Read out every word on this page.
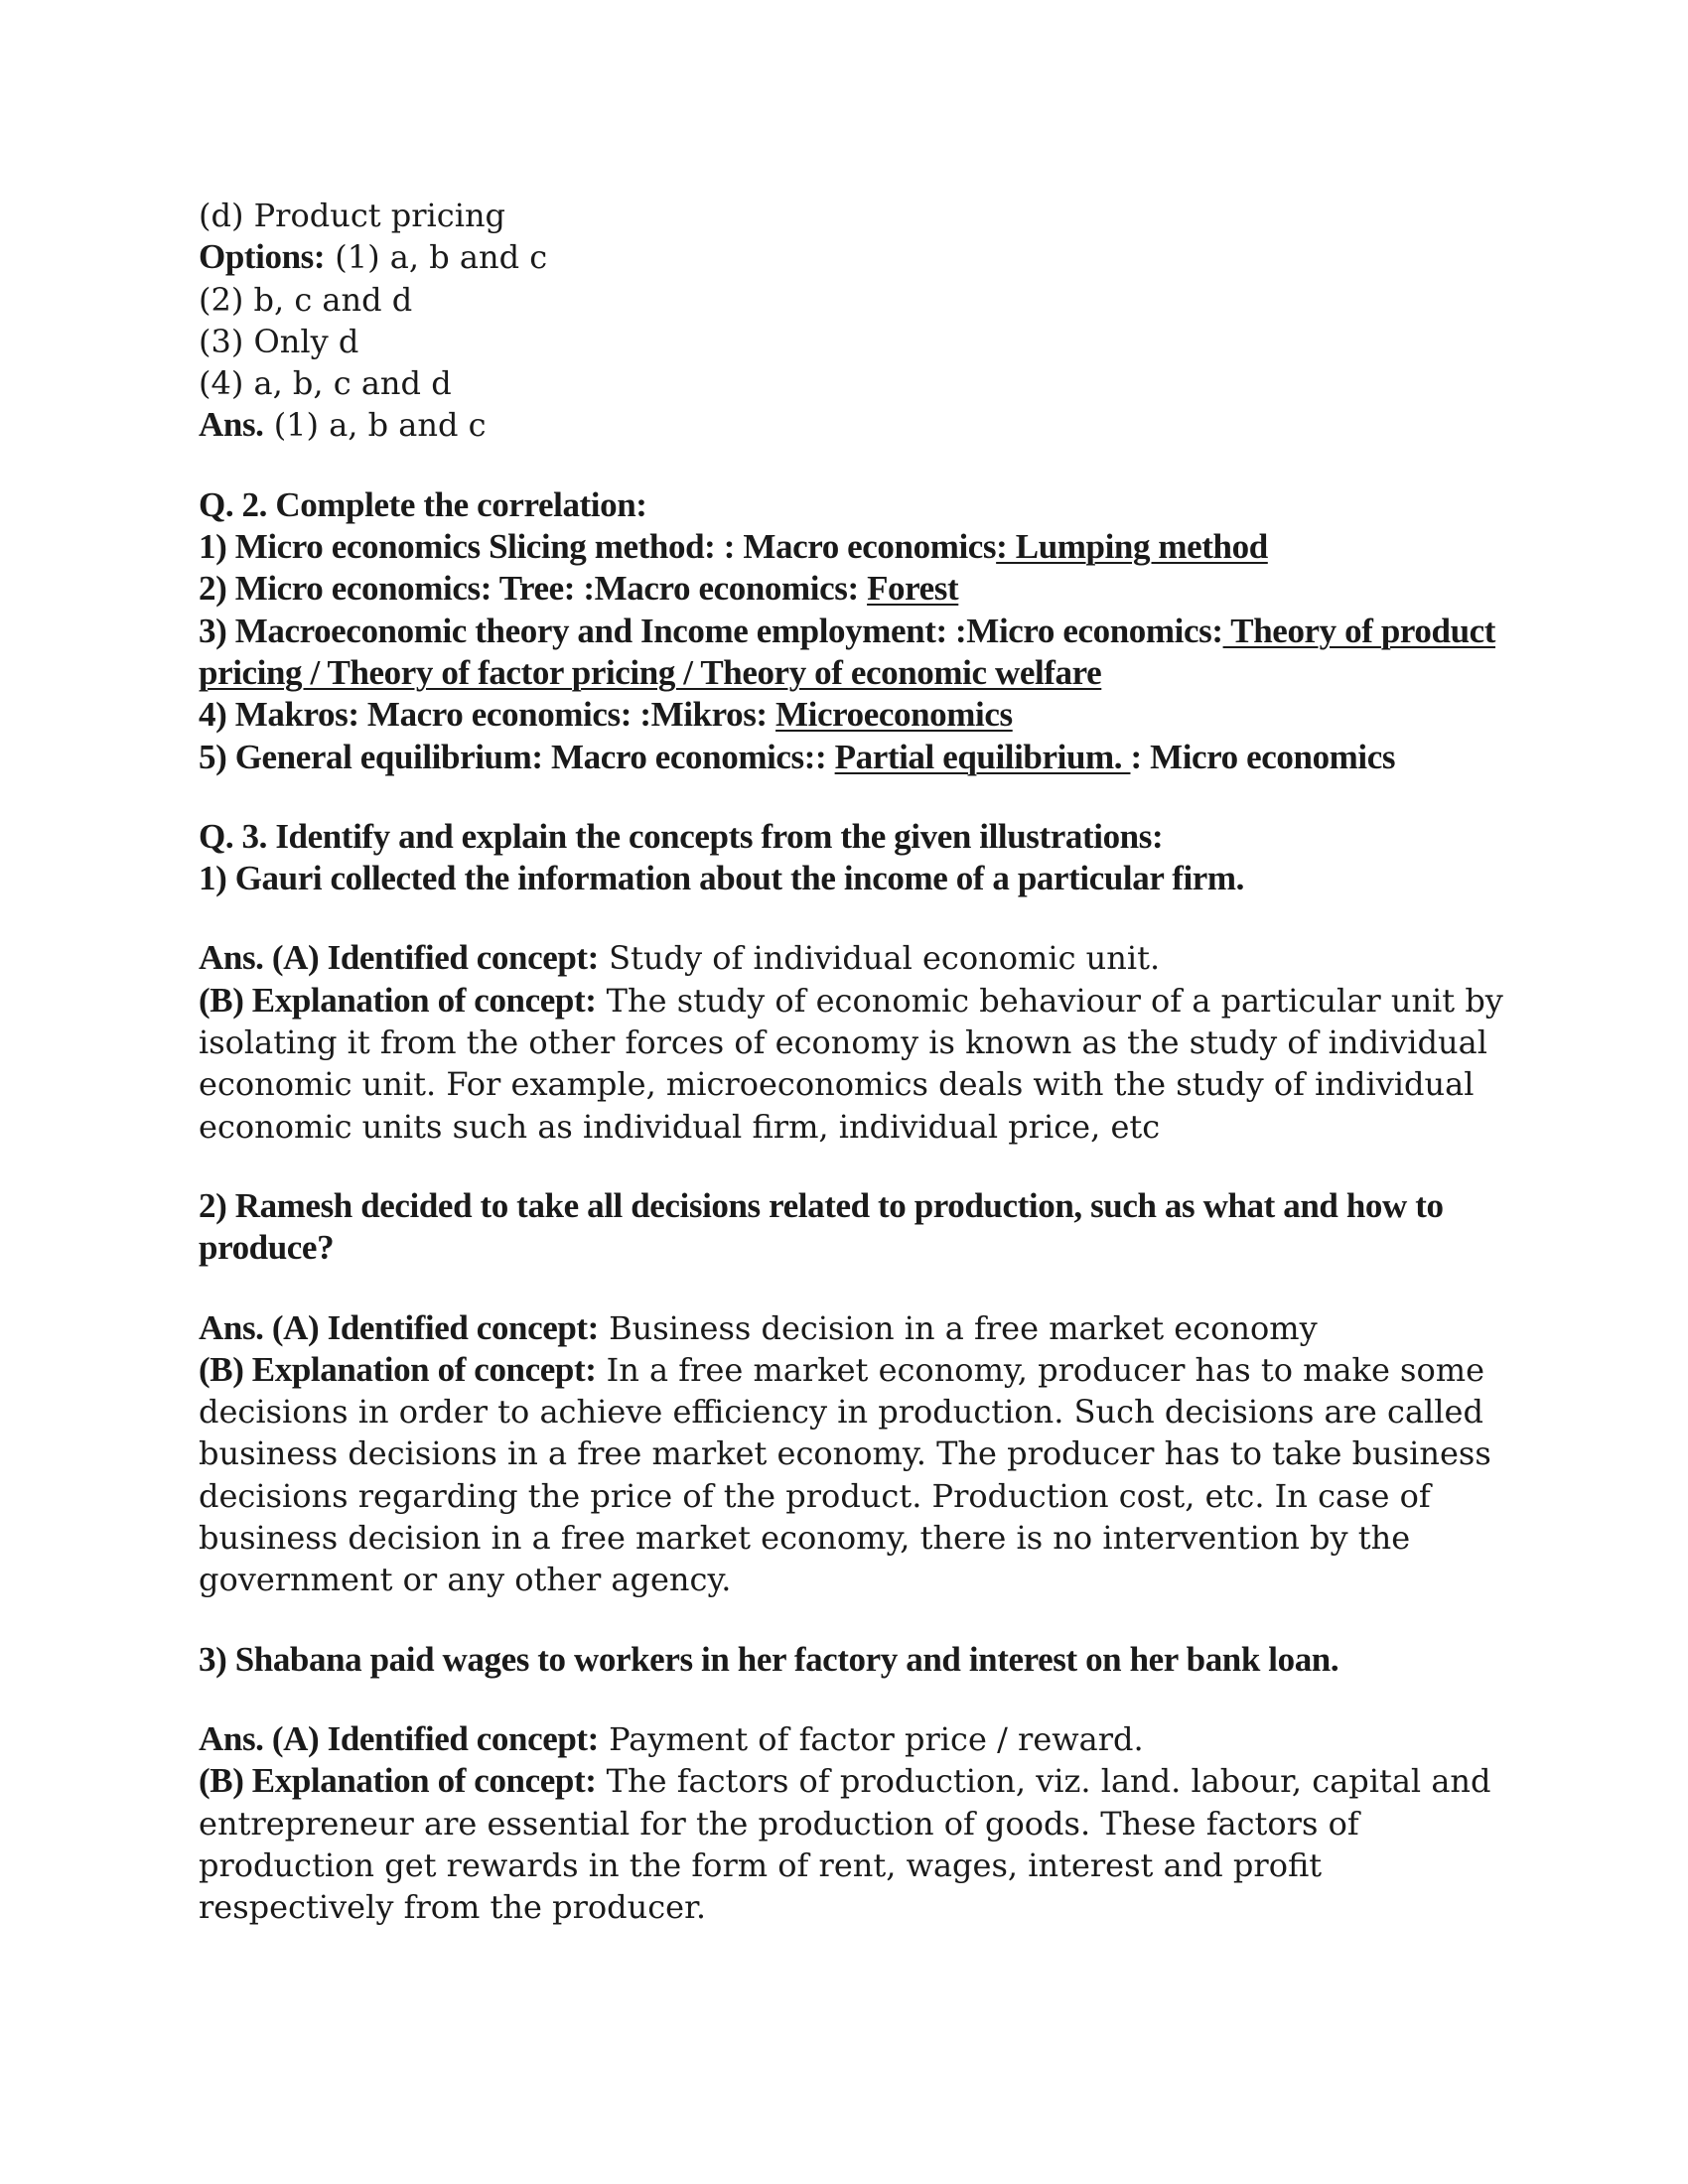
(d) Product pricing
Options: (1) a, b and c
(2) b, c and d
(3) Only d
(4) a, b, c and d
Ans. (1) a, b and c
Q. 2. Complete the correlation:
1) Micro economics Slicing method: : Macro economics: Lumping method
2) Micro economics: Tree: :Macro economics: Forest
3) Macroeconomic theory and Income employment: :Micro economics: Theory of product pricing / Theory of factor pricing / Theory of economic welfare
4) Makros: Macro economics: :Mikros: Microeconomics
5) General equilibrium: Macro economics:: Partial equilibrium. : Micro economics
Q. 3. Identify and explain the concepts from the given illustrations:
1) Gauri collected the information about the income of a particular firm.
Ans. (A) Identified concept: Study of individual economic unit.
(B) Explanation of concept: The study of economic behaviour of a particular unit by isolating it from the other forces of economy is known as the study of individual economic unit. For example, microeconomics deals with the study of individual economic units such as individual firm, individual price, etc
2) Ramesh decided to take all decisions related to production, such as what and how to produce?
Ans. (A) Identified concept: Business decision in a free market economy
(B) Explanation of concept: In a free market economy, producer has to make some decisions in order to achieve efficiency in production. Such decisions are called business decisions in a free market economy. The producer has to take business decisions regarding the price of the product. Production cost, etc. In case of business decision in a free market economy, there is no intervention by the government or any other agency.
3) Shabana paid wages to workers in her factory and interest on her bank loan.
Ans. (A) Identified concept: Payment of factor price / reward.
(B) Explanation of concept: The factors of production, viz. land. labour, capital and entrepreneur are essential for the production of goods. These factors of production get rewards in the form of rent, wages, interest and profit respectively from the producer.
